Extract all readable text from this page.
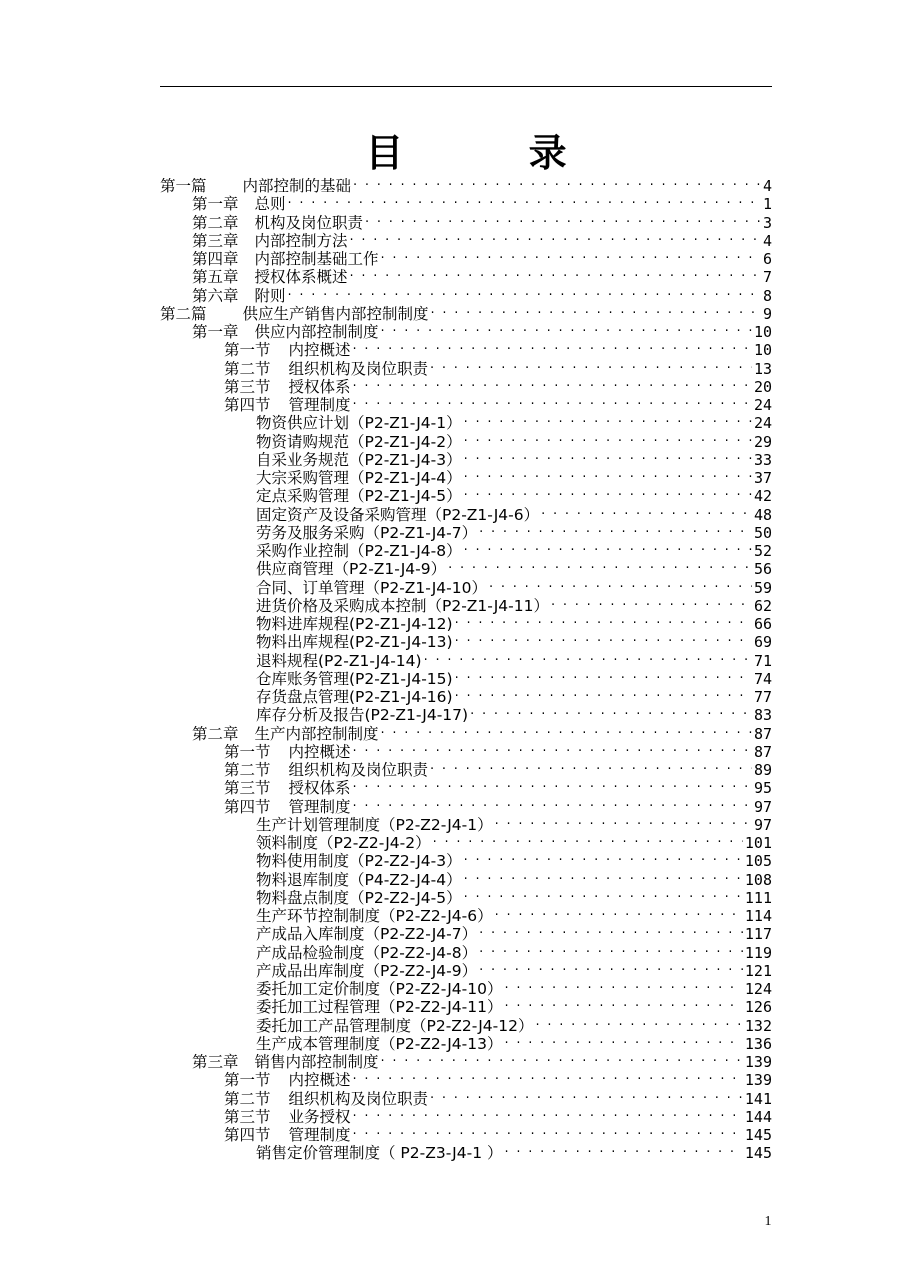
目 录
第一篇 内部控制的基础 . . .	4
第一章 总则 . . .	1
第二章 机构及岗位职责 . . .	3
第三章 内部控制方法 . . .	4
第四章 内部控制基础工作 . . .	6
第五章 授权体系概述 . . .	7
第六章 附则 . . .	8
第二篇 供应生产销售内部控制制度 . . .	9
第一章 供应内部控制制度 . . .	10
第一节 内控概述 . . .	10
第二节 组织机构及岗位职责 . . .	13
第三节 授权体系 . . .	20
第四节 管理制度 . . .	24
物资供应计划（P2-Z1-J4-1） . . .	24
物资请购规范（P2-Z1-J4-2） . . .	29
自采业务规范（P2-Z1-J4-3） . . .	33
大宗采购管理（P2-Z1-J4-4） . . .	37
定点采购管理（P2-Z1-J4-5） . . .	42
固定资产及设备采购管理（P2-Z1-J4-6） . . .	48
劳务及服务采购（P2-Z1-J4-7） . . .	50
采购作业控制（P2-Z1-J4-8） . . .	52
供应商管理（P2-Z1-J4-9） . . .	56
合同、订单管理（P2-Z1-J4-10） . . .	59
进货价格及采购成本控制（P2-Z1-J4-11） . . .	62
物料进库规程(P2-Z1-J4-12) . . .	66
物料出库规程(P2-Z1-J4-13) . . .	69
退料规程(P2-Z1-J4-14) . . .	71
仓库账务管理(P2-Z1-J4-15) . . .	74
存货盘点管理(P2-Z1-J4-16) . . .	77
库存分析及报告(P2-Z1-J4-17) . . .	83
第二章 生产内部控制制度 . . .	87
第一节 内控概述 . . .	87
第二节 组织机构及岗位职责 . . .	89
第三节 授权体系 . . .	95
第四节 管理制度 . . .	97
生产计划管理制度（P2-Z2-J4-1） . . .	97
领料制度（P2-Z2-J4-2） . . .	101
物料使用制度（P2-Z2-J4-3） . . .	105
物料退库制度（P4-Z2-J4-4） . . .	108
物料盘点制度（P2-Z2-J4-5） . . .	111
生产环节控制制度（P2-Z2-J4-6） . . .	114
产成品入库制度（P2-Z2-J4-7） . . .	117
产成品检验制度（P2-Z2-J4-8） . . .	119
产成品出库制度（P2-Z2-J4-9） . . .	121
委托加工定价制度（P2-Z2-J4-10） . . .	124
委托加工过程管理（P2-Z2-J4-11） . . .	126
委托加工产品管理制度（P2-Z2-J4-12） . . .	132
生产成本管理制度（P2-Z2-J4-13） . . .	136
第三章 销售内部控制制度 . . .	139
第一节 内控概述 . . .	139
第二节 组织机构及岗位职责 . . .	141
第三节 业务授权 . . .	144
第四节 管理制度 . . .	145
销售定价管理制度（ P2-Z3-J4-1 ） . . .	145
1
